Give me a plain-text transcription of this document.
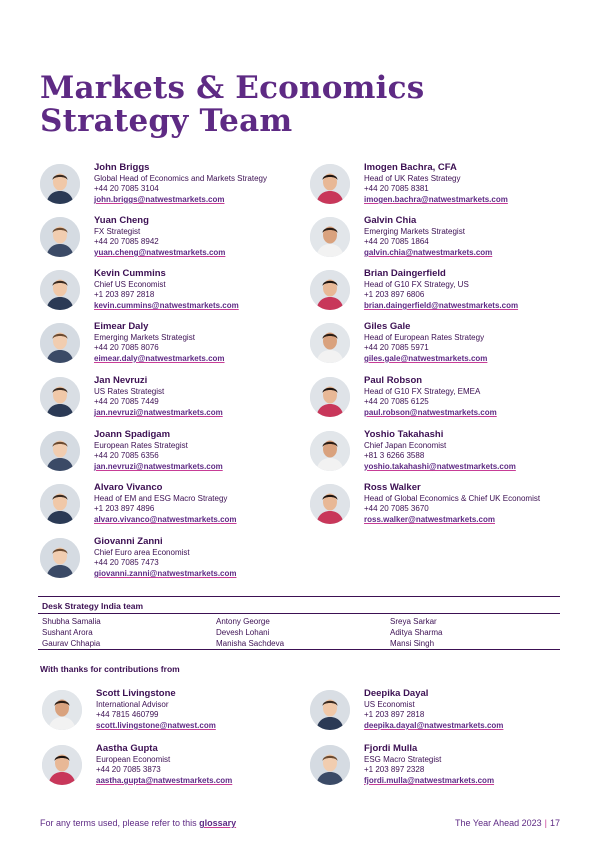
Markets & Economics
Strategy Team
John Briggs
Global Head of Economics and Markets Strategy
+44 20 7085 3104
john.briggs@natwestmarkets.com
Imogen Bachra, CFA
Head of UK Rates Strategy
+44 20 7085 8381
imogen.bachra@natwestmarkets.com
Yuan Cheng
FX Strategist
+44 20 7085 8942
yuan.cheng@natwestmarkets.com
Galvin Chia
Emerging Markets Strategist
+44 20 7085 1864
galvin.chia@natwestmarkets.com
Kevin Cummins
Chief US Economist
+1 203 897 2818
kevin.cummins@natwestmarkets.com
Brian Daingerfield
Head of G10 FX Strategy, US
+1 203 897 6806
brian.daingerfield@natwestmarkets.com
Eimear Daly
Emerging Markets Strategist
+44 20 7085 8076
eimear.daly@natwestmarkets.com
Giles Gale
Head of European Rates Strategy
+44 20 7085 5971
giles.gale@natwestmarkets.com
Jan Nevruzi
US Rates Strategist
+44 20 7085 7449
jan.nevruzi@natwestmarkets.com
Paul Robson
Head of G10 FX Strategy, EMEA
+44 20 7085 6125
paul.robson@natwestmarkets.com
Joann Spadigam
European Rates Strategist
+44 20 7085 6356
jan.nevruzi@natwestmarkets.com
Yoshio Takahashi
Chief Japan Economist
+81 3 6266 3588
yoshio.takahashi@natwestmarkets.com
Alvaro Vivanco
Head of EM and ESG Macro Strategy
+1 203 897 4896
alvaro.vivanco@natwestmarkets.com
Ross Walker
Head of Global Economics & Chief UK Economist
+44 20 7085 3670
ross.walker@natwestmarkets.com
Giovanni Zanni
Chief Euro area Economist
+44 20 7085 7473
giovanni.zanni@natwestmarkets.com
Desk Strategy India team
Shubha Samalia	Antony George	Sreya Sarkar
Sushant Arora	Devesh Lohani	Aditya Sharma
Gaurav Chhapia	Manisha Sachdeva	Mansi Singh
With thanks for contributions from
Scott Livingstone
International Advisor
+44 7815 460799
scott.livingstone@natwest.com
Deepika Dayal
US Economist
+1 203 897 2818
deepika.dayal@natwestmarkets.com
Aastha Gupta
European Economist
+44 20 7085 3873
aastha.gupta@natwestmarkets.com
Fjordi Mulla
ESG Macro Strategist
+1 203 897 2328
fjordi.mulla@natwestmarkets.com
For any terms used, please refer to this glossary	The Year Ahead 2023 | 17
